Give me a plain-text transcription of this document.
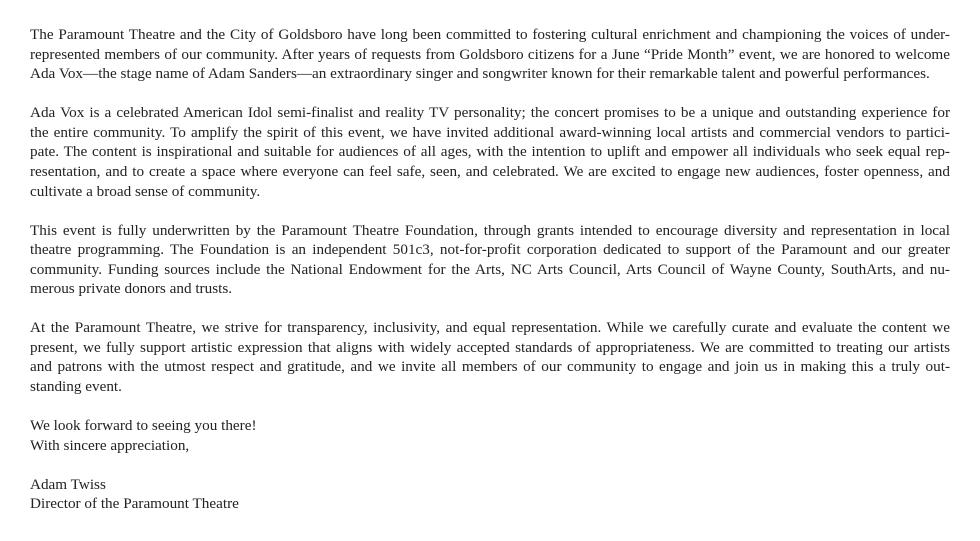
The Paramount Theatre and the City of Goldsboro have long been committed to fostering cultural enrichment and championing the voices of under-
represented members of our community. After years of requests from Goldsboro citizens for a June “Pride Month” event, we are honored to welcome
Ada Vox—the stage name of Adam Sanders—an extraordinary singer and songwriter known for their remarkable talent and powerful performances.

Ada Vox is a celebrated American Idol semi-finalist and reality TV personality; the concert promises to be a unique and outstanding experience for
the entire community. To amplify the spirit of this event, we have invited additional award-winning local artists and commercial vendors to partici-
pate. The content is inspirational and suitable for audiences of all ages, with the intention to uplift and empower all individuals who seek equal rep-
resentation, and to create a space where everyone can feel safe, seen, and celebrated. We are excited to engage new audiences, foster openness, and
cultivate a broad sense of community.

This event is fully underwritten by the Paramount Theatre Foundation, through grants intended to encourage diversity and representation in local
theatre programming. The Foundation is an independent 501c3, not-for-profit corporation dedicated to support of the Paramount and our greater
community. Funding sources include the National Endowment for the Arts, NC Arts Council, Arts Council of Wayne County, SouthArts, and nu-
merous private donors and trusts.

At the Paramount Theatre, we strive for transparency, inclusivity, and equal representation. While we carefully curate and evaluate the content we
present, we fully support artistic expression that aligns with widely accepted standards of appropriateness. We are committed to treating our artists
and patrons with the utmost respect and gratitude, and we invite all members of our community to engage and join us in making this a truly out-
standing event.

We look forward to seeing you there!
With sincere appreciation,

Adam Twiss
Director of the Paramount Theatre
